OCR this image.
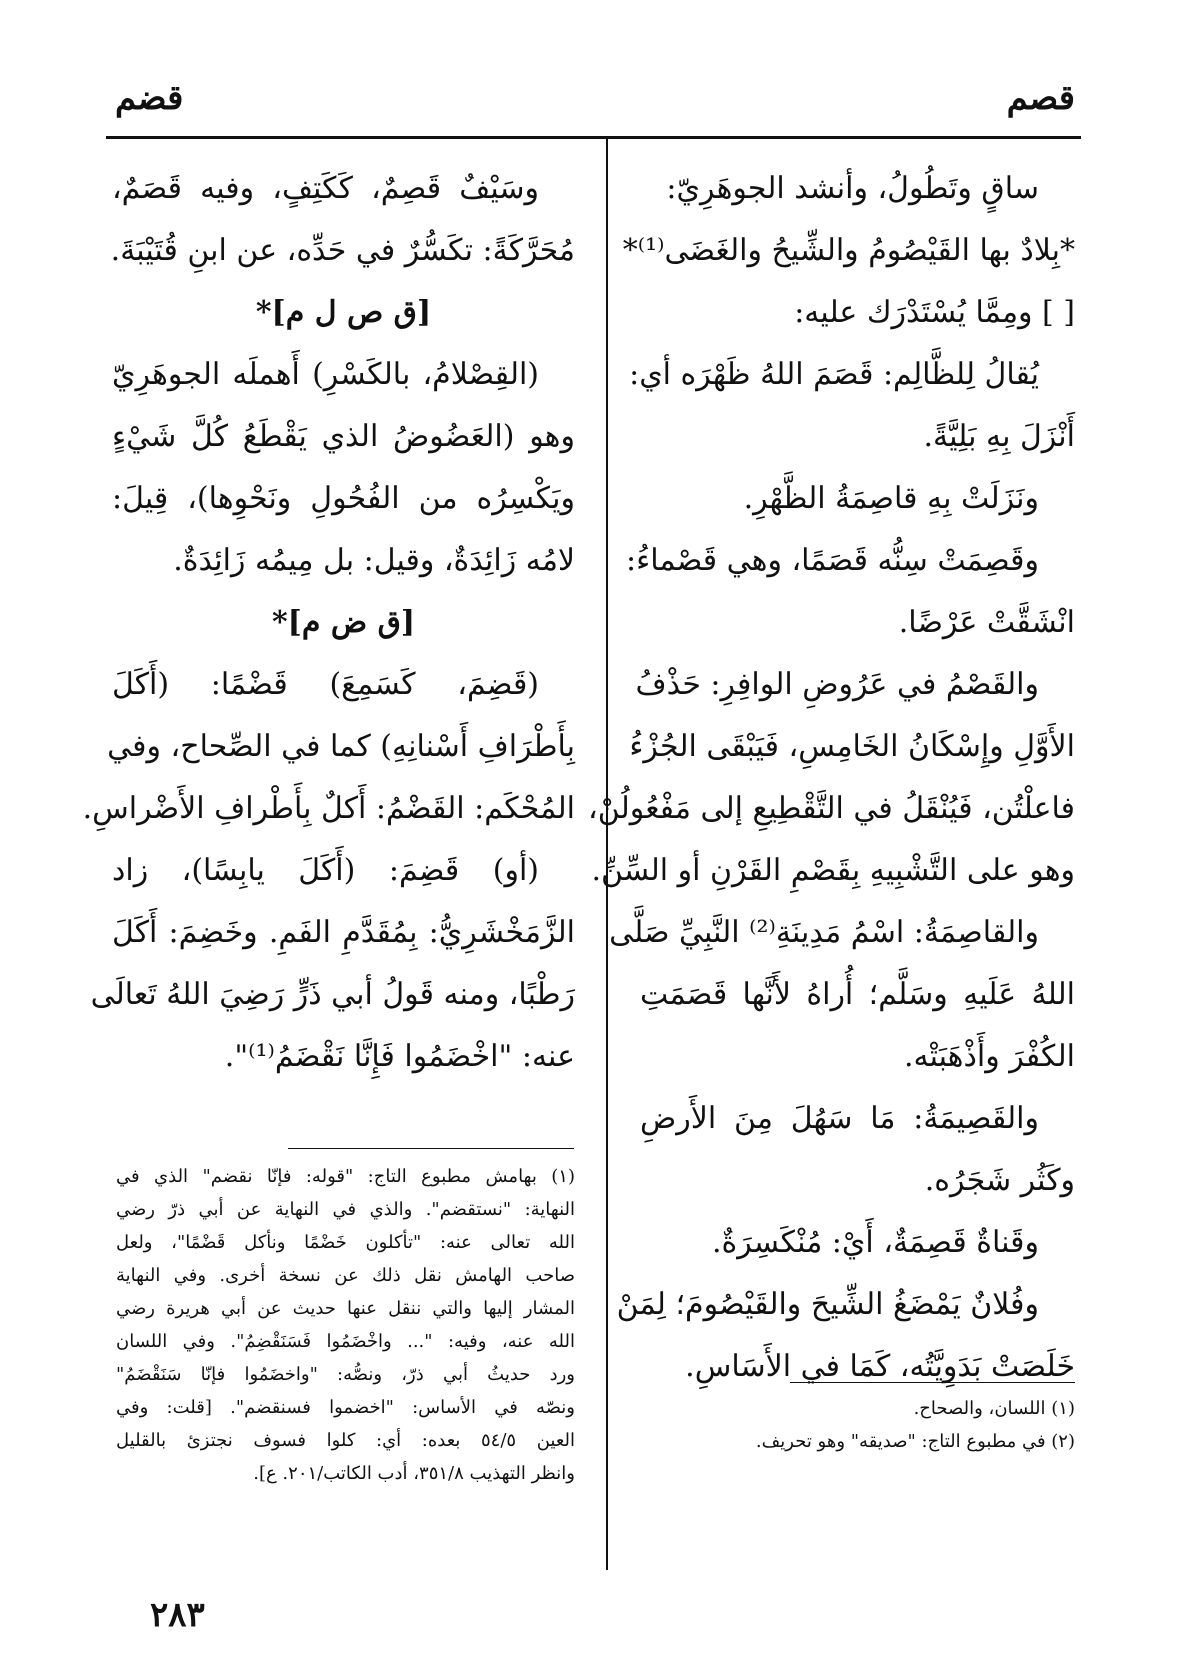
قصم
قضم
ساقٍ وتَطُولُ، وأنشد الجوهَرِيّ:
*بِلادٌ بها القَيْصُومُ والشِّيحُ والغَضَى⁽¹⁾*
[ ] ومِمَّا يُسْتَدْرَك عليه:
يُقالُ لِلظَّالِم: قَصَمَ اللهُ ظَهْرَه أي:
أَنْزَلَ بِهِ بَلِيَّةً.
ونَزَلَتْ بِهِ قاصِمَةُ الظَّهْرِ.
وقَصِمَتْ سِنُّه قَصَمًا، وهي قَصْماءُ:
انْشَقَّتْ عَرْضًا.
والقَصْمُ في عَرُوضِ الوافِرِ: حَذْفُ
الأَوَّلِ وإِسْكَانُ الخَامِسِ، فَيَبْقَى الجُزْءُ
فاعلْتُن، فَيُنْقَلُ في التَّقْطِيعِ إلى مَفْعُولُنْ،
وهو على التَّشْبِيهِ بِقَصْمِ القَرْنِ أو السِّنِّ.
والقاصِمَةُ: اسْمُ مَدِينَةِ⁽²⁾ النَّبِيِّ صَلَّى
اللهُ عَلَيهِ وسَلَّم؛ أُراهُ لأَنَّها قَصَمَتِ
الكُفْرَ وأَذْهَبَتْه.
والقَصِيمَةُ: مَا سَهُلَ مِنَ الأَرضِ
وكَثُر شَجَرُه.
وقَناةٌ قَصِمَةٌ، أَيْ: مُنْكَسِرَةٌ.
وفُلانٌ يَمْضَغُ الشِّيحَ والقَيْصُومَ؛ لِمَنْ
خَلَصَتْ بَدَوِيَّتُه، كَمَا في الأَسَاسِ.
(١) اللسان، والصحاح.
(٢) في مطبوع التاج: "صديقه" وهو تحريف.
وسَيْفٌ قَصِمٌ، كَكَتِفٍ، وفيه قَصَمٌ،
مُحَرَّكَةً: تكَسُّرٌ في حَدِّه، عن ابنِ قُتَيْبَةَ.
[ق ص ل م]*
(القِصْلامُ، بالكَسْرِ) أَهملَه الجوهَرِيّ
وهو (العَضُوضُ الذي يَقْطَعُ كُلَّ شَيْءٍ
ويَكْسِرُه من الفُحُولِ ونَحْوِها)، قِيلَ:
لامُه زَائِدَةٌ، وقيل: بل مِيمُه زَائِدَةٌ.
[ق ض م]*
(قَضِمَ، كَسَمِعَ) قَضْمًا: (أَكَلَ
بِأَطْرَافِ أَسْنانِهِ) كما في الصِّحاح، وفي
المُحْكَم: القَضْمُ: أَكلٌ بِأَطْرافِ الأَضْراسِ.
(أو) قَضِمَ: (أَكَلَ يابِسًا)، زاد
الزَّمَخْشَرِيُّ: بِمُقَدَّمِ الفَمِ. وخَضِمَ: أَكَلَ
رَطْبًا، ومنه قَولُ أبي ذَرٍّ رَضِيَ اللهُ تَعالَى
عنه: "اخْضَمُوا فَإِنَّا نَقْضَمُ⁽¹⁾".
(١) بهامش مطبوع التاج: "قوله: فإنّا نقضم" الذي في
النهاية: "نستقضم". والذي في النهاية عن أبي ذرّ رضي
الله تعالى عنه: "تأكلون خَضْمًا ونأكل قَضْمًا"، ولعل
صاحب الهامش نقل ذلك عن نسخة أخرى. وفي النهاية
المشار إليها والتي ننقل عنها حديث عن أبي هريرة رضي
الله عنه، وفيه: "... واخْضَمُوا فَسَنَقْضِمُ". وفي اللسان
ورد حديثُ أبي ذرّ، ونصُّه: "واخضَمُوا فإنّا سَنَقْضَمُ"
ونصّه في الأساس: "اخضموا فسنقضم". [قلت: وفي
العين ٥٤/٥ بعده: أي: كلوا فسوف نجتزئ بالقليل
وانظر التهذيب ٣٥١/٨، أدب الكاتب/٢٠١. ع].
٢٨٣
